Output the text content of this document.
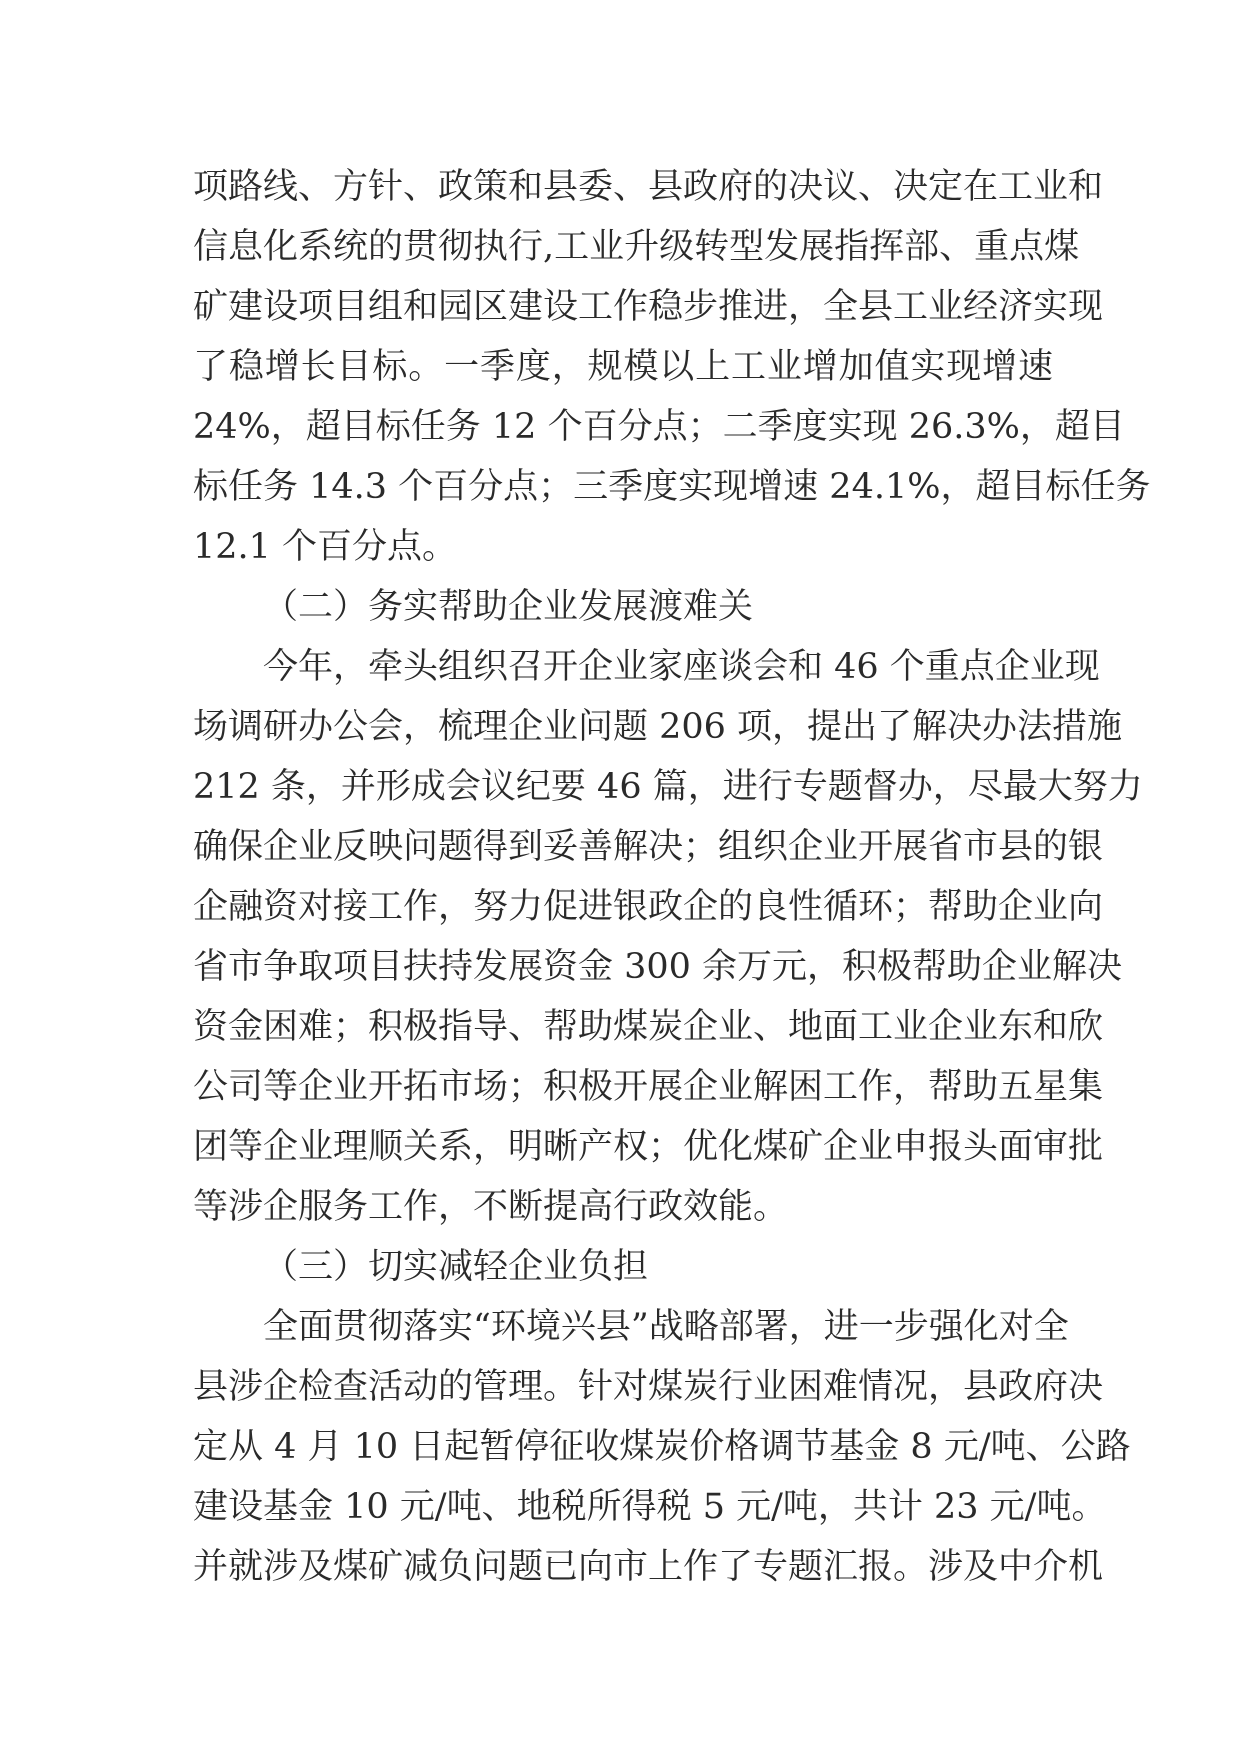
项路线、方针、政策和县委、县政府的决议、决定在工业和
信息化系统的贯彻执行,工业升级转型发展指挥部、重点煤
矿建设项目组和园区建设工作稳步推进，全县工业经济实现
了稳增长目标。一季度，规模以上工业增加值实现增速
24%，超目标任务 12 个百分点；二季度实现 26.3%，超目
标任务 14.3 个百分点；三季度实现增速 24.1%，超目标任务
12.1 个百分点。
（二）务实帮助企业发展渡难关
今年，牵头组织召开企业家座谈会和 46 个重点企业现
场调研办公会，梳理企业问题 206 项，提出了解决办法措施
212 条，并形成会议纪要 46 篇，进行专题督办，尽最大努力
确保企业反映问题得到妥善解决；组织企业开展省市县的银
企融资对接工作，努力促进银政企的良性循环；帮助企业向
省市争取项目扶持发展资金 300 余万元，积极帮助企业解决
资金困难；积极指导、帮助煤炭企业、地面工业企业东和欣
公司等企业开拓市场；积极开展企业解困工作，帮助五星集
团等企业理顺关系，明晰产权；优化煤矿企业申报头面审批
等涉企服务工作，不断提高行政效能。
（三）切实减轻企业负担
全面贯彻落实“环境兴县”战略部署，进一步强化对全
县涉企检查活动的管理。针对煤炭行业困难情况，县政府决
定从 4 月 10 日起暂停征收煤炭价格调节基金 8 元/吨、公路
建设基金 10 元/吨、地税所得税 5 元/吨，共计 23 元/吨。
并就涉及煤矿减负问题已向市上作了专题汇报。涉及中介机
